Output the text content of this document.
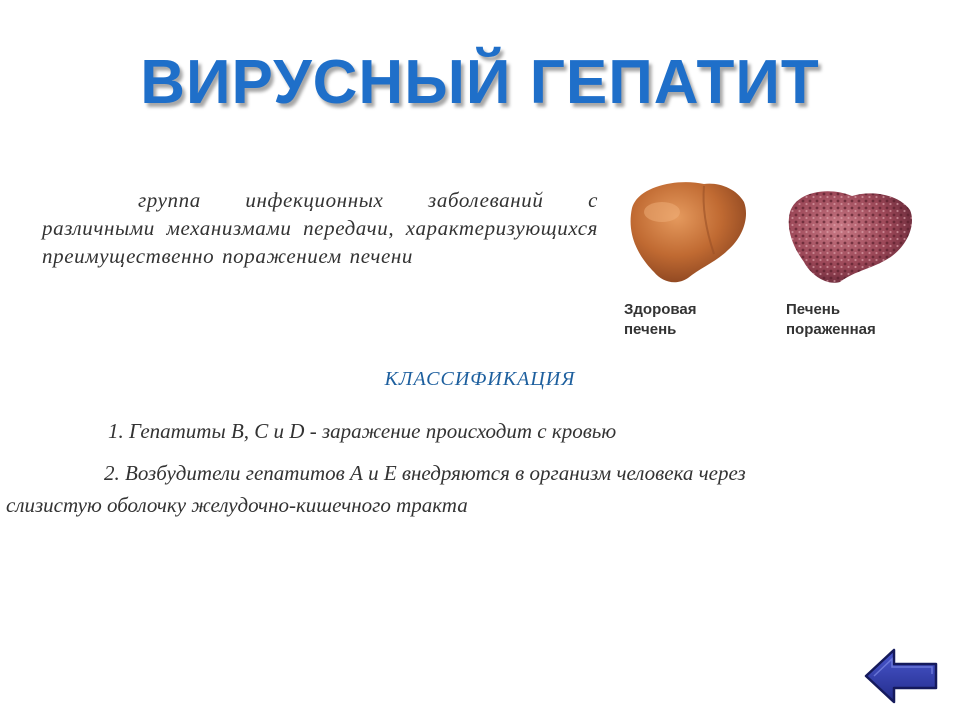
ВИРУСНЫЙ ГЕПАТИТ
группа инфекционных заболеваний с различными механизмами передачи, характеризующихся преимущественно поражением печени
Здоровая
печень
Печень
пораженная
КЛАССИФИКАЦИЯ
1. Гепатиты В, С и D - заражение происходит с кровью
2. Возбудители гепатитов А и Е внедряются в организм человека через
слизистую оболочку желудочно-кишечного тракта
